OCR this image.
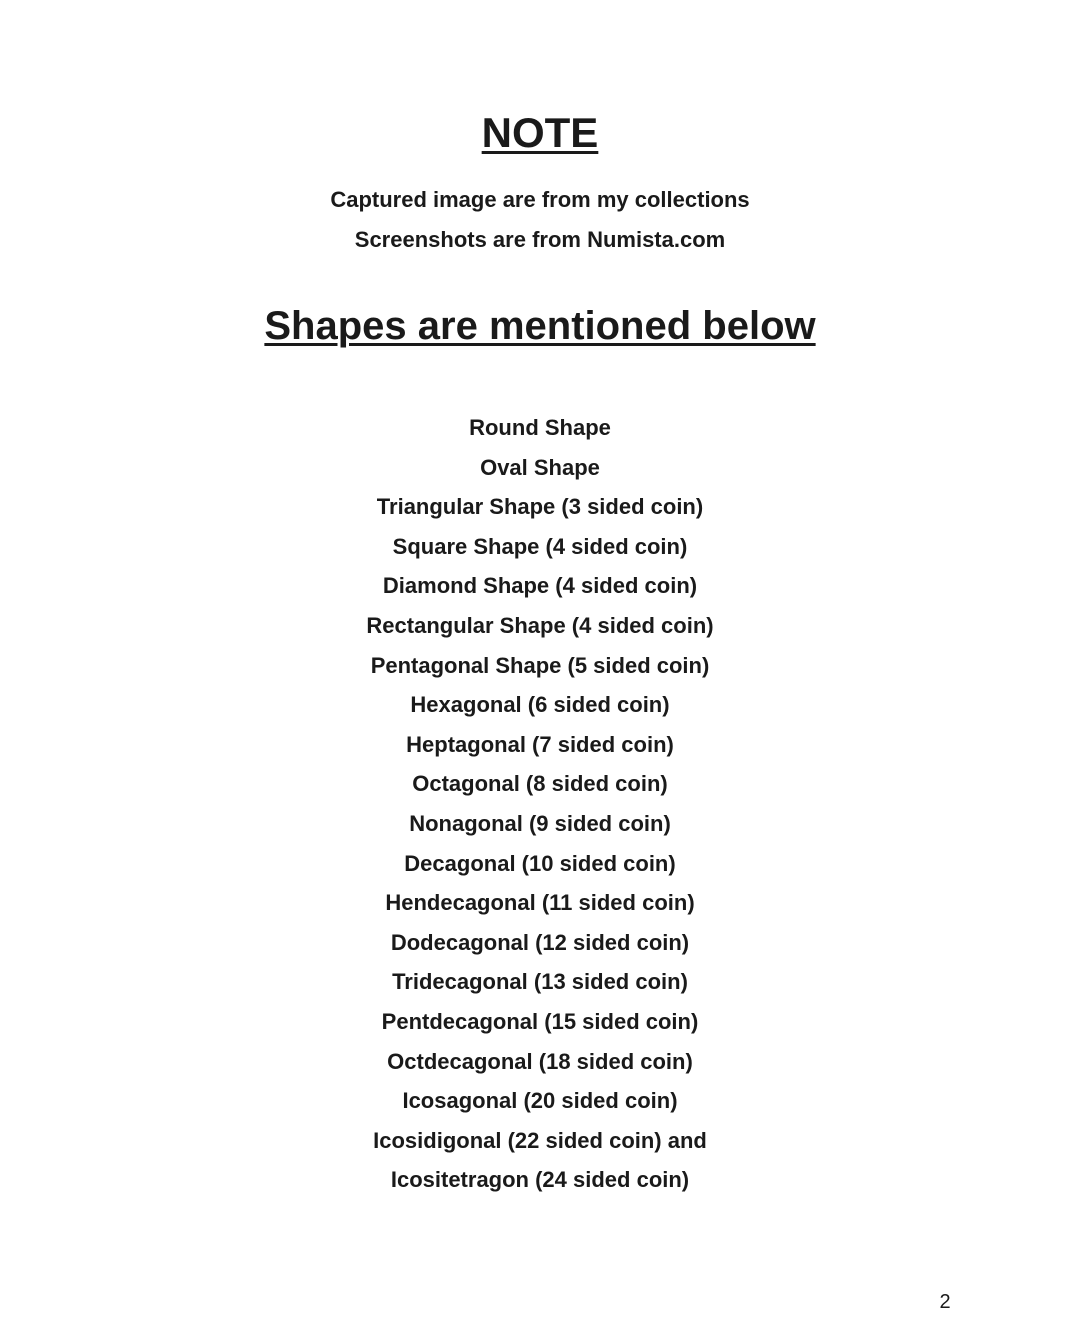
NOTE
Captured image are from my collections
Screenshots are from Numista.com
Shapes are mentioned below
Round Shape
Oval Shape
Triangular Shape (3 sided coin)
Square Shape (4 sided coin)
Diamond Shape (4 sided coin)
Rectangular Shape (4 sided coin)
Pentagonal Shape (5 sided coin)
Hexagonal (6 sided coin)
Heptagonal (7 sided coin)
Octagonal (8 sided coin)
Nonagonal (9 sided coin)
Decagonal (10 sided coin)
Hendecagonal (11 sided coin)
Dodecagonal (12 sided coin)
Tridecagonal (13 sided coin)
Pentdecagonal (15 sided coin)
Octdecagonal (18 sided coin)
Icosagonal (20 sided coin)
Icosidigonal (22 sided coin) and
Icositetragon (24 sided coin)
2
